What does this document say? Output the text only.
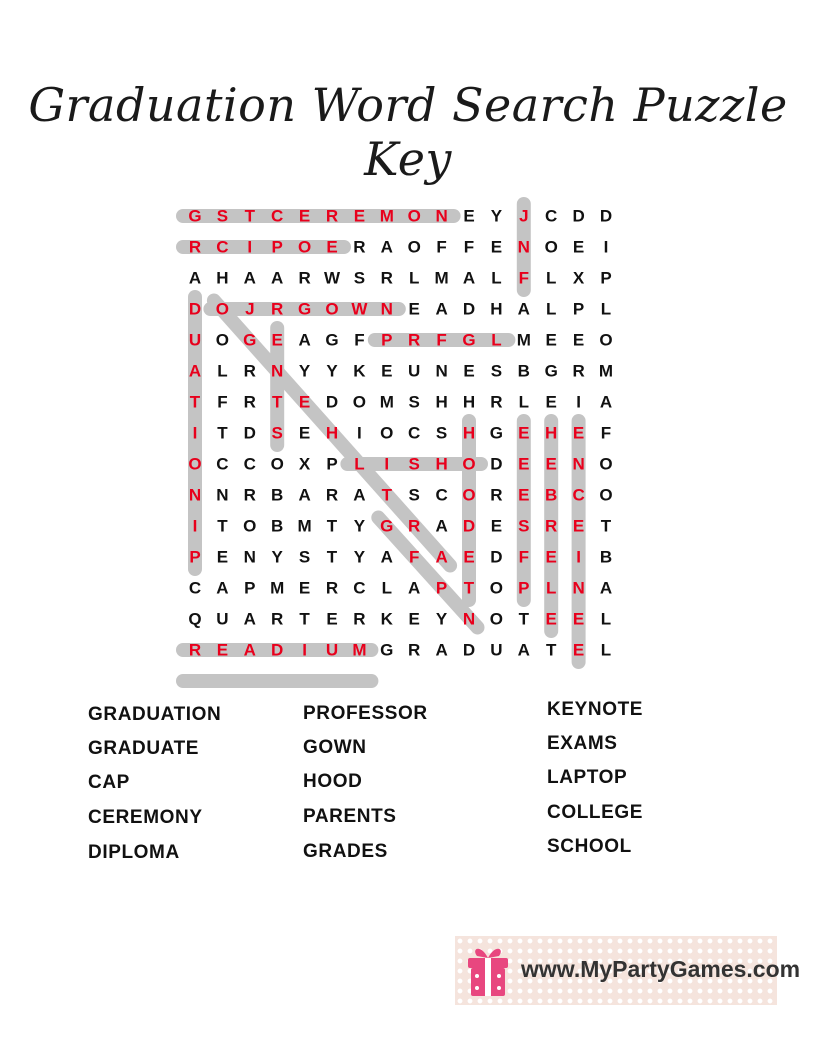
Graduation Word Search Puzzle Key
G S T C E R E M O N E Y J C D D
R C I P O E R A O F F E N O E I
A H A A R W S R L M A L F L X P
D O J R G O W N E A D H A L P L
U O G E A G F P R F G L M E E O
A L R N Y Y K E U N E S B G R M
T F R T E D O M S H H R L E I A
I T D S E H I O C S H G E H E F
O C C O X P L I S H O D E E N O
N N R B A R A T S C O R E B C O
I T O B M T Y G R A D E S R E T
P E N Y S T Y A F A E D F E I B
C A P M E R C L A P T O P L N A
Q U A R T E R K E Y N O T E E L
R E A D I U M G R A D U A T E L
GRADUATION
GRADUATE
CAP
CEREMONY
DIPLOMA
PROFESSOR
GOWN
HOOD
PARENTS
GRADES
KEYNOTE
EXAMS
LAPTOP
COLLEGE
SCHOOL
www.MyPartyGames.com
